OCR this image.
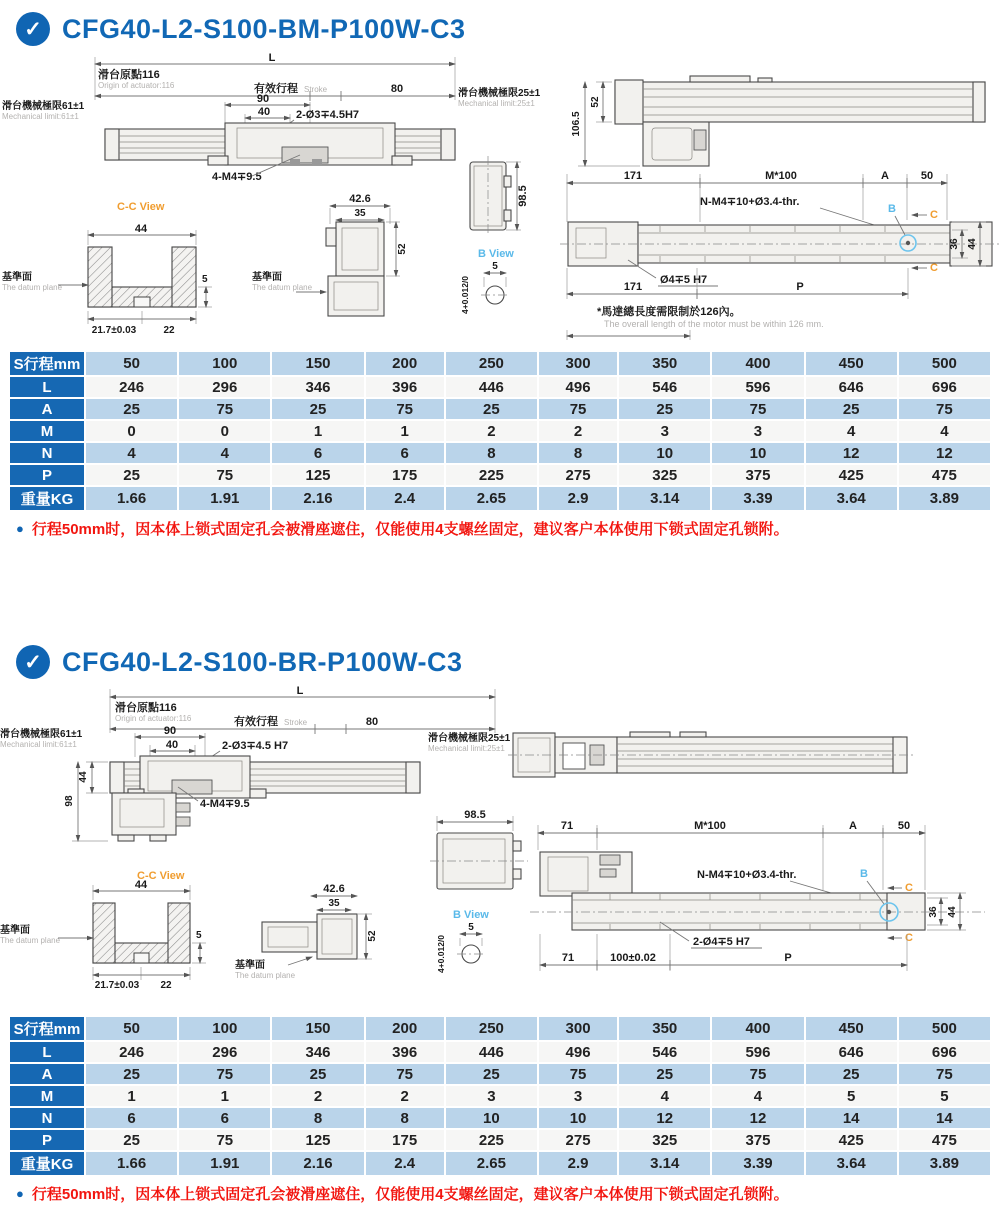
✓ CFG40-L2-S100-BM-P100W-C3
L
滑台原點116
Origin of actuator:116	有效行程 Stroke	80
滑台機械極限61±1
Mechanical limit:61±1
滑台機械極限25±1
Mechanical limit:25±1
90
40 2-Ø3∓4.5H7
4-M4∓9.5
98.5
C-C View
44
5
21.7±0.03	22
基準面
The datum plane
42.6
35
52
基準面
The datum plane
B View
5
4+0.012/0
52
106.5
171	M*100	A	50
N-M4∓10+Ø3.4-thr.
B	C
C
36 44
Ø4∓5 H7
171	P
*馬達總長度需限制於126內。
The overall length of the motor must be within 126 mm.
S行程mm	50	100	150	200	250	300	350	400	450	500
L	246	296	346	396	446	496	546	596	646	696
A	25	75	25	75	25	75	25	75	25	75
M	0	0	1	1	2	2	3	3	4	4
N	4	4	6	6	8	8	10	10	12	12
P	25	75	125	175	225	275	325	375	425	475
重量KG	1.66	1.91	2.16	2.4	2.65	2.9	3.14	3.39	3.64	3.89
● 行程50mm时，因本体上锁式固定孔会被滑座遮住，仅能使用4支螺丝固定，建议客户本体使用下锁式固定孔锁附。
✓ CFG40-L2-S100-BR-P100W-C3
L
滑台原點116
Origin of actuator:116	有效行程 Stroke	80
滑台機械極限61±1
Mechanical limit:61±1
滑台機械極限25±1
Mechanical limit:25±1
90
40	2-Ø3∓4.5 H7
4-M4∓9.5
44
98
98.5
C-C View
44
5
21.7±0.03 22
基準面
The datum plane
42.6
35
52
基準面
The datum plane
B View
5
4+0.012/0
71	M*100	A	50
N-M4∓10+Ø3.4-thr.	B
C
C
36 44
2-Ø4∓5 H7
71	100±0.02	P
S行程mm	50	100	150	200	250	300	350	400	450	500
L	246	296	346	396	446	496	546	596	646	696
A	25	75	25	75	25	75	25	75	25	75
M	1	1	2	2	3	3	4	4	5	5
N	6	6	8	8	10	10	12	12	14	14
P	25	75	125	175	225	275	325	375	425	475
重量KG	1.66	1.91	2.16	2.4	2.65	2.9	3.14	3.39	3.64	3.89
● 行程50mm时，因本体上锁式固定孔会被滑座遮住，仅能使用4支螺丝固定，建议客户本体使用下锁式固定孔锁附。
